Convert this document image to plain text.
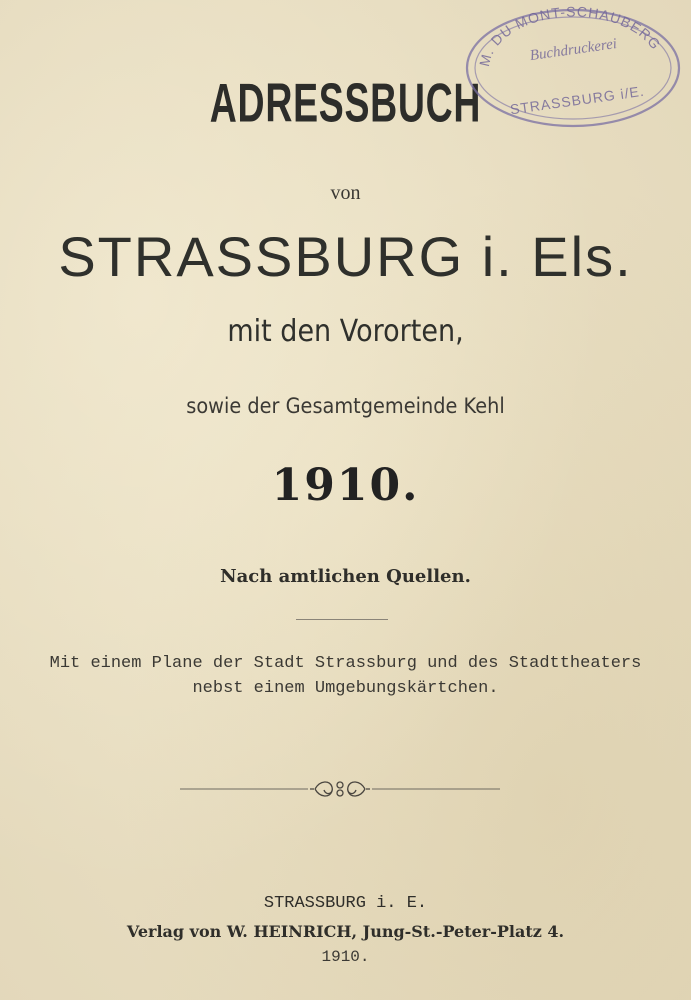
ADRESSBUCH
von
STRASSBURG i. Els.
mit den Vororten,
sowie der Gesamtgemeinde Kehl
1910.
Nach amtlichen Quellen.
Mit einem Plane der Stadt Strassburg und des Stadttheaters
nebst einem Umgebungskärtchen.
STRASSBURG i. E.
Verlag von W. HEINRICH, Jung-St.-Peter-Platz 4.
1910.
M. DU MONT-SCHAUBERG
Buchdruckerei
STRASSBURG i/E.
